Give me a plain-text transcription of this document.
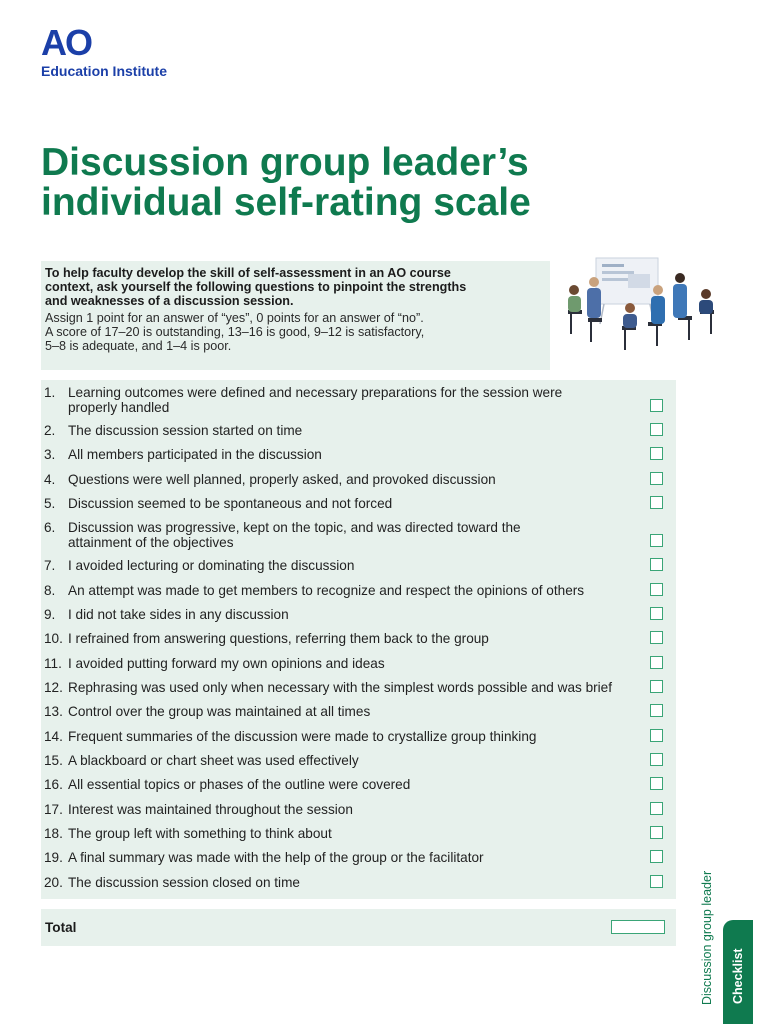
AO
Education Institute
Discussion group leader’s
individual self-rating scale

To help faculty develop the skill of self-assessment in an AO course
context, ask yourself the following questions to pinpoint the strengths
and weaknesses of a discussion session.

Assign 1 point for an answer of “yes”, 0 points for an answer of “no”.
A score of 17–20 is outstanding, 13–16 is good, 9–12 is satisfactory,
5–8 is adequate, and 1–4 is poor.

1. Learning outcomes were defined and necessary preparations for the session were
properly handled
2. The discussion session started on time
3. All members participated in the discussion
4. Questions were well planned, properly asked, and provoked discussion
5. Discussion seemed to be spontaneous and not forced
6. Discussion was progressive, kept on the topic, and was directed toward the
attainment of the objectives
7. I avoided lecturing or dominating the discussion
8. An attempt was made to get members to recognize and respect the opinions of others
9. I did not take sides in any discussion
10. I refrained from answering questions, referring them back to the group
11. I avoided putting forward my own opinions and ideas
12. Rephrasing was used only when necessary with the simplest words possible and was brief
13. Control over the group was maintained at all times
14. Frequent summaries of the discussion were made to crystallize group thinking
15. A blackboard or chart sheet was used effectively
16. All essential topics or phases of the outline were covered
17. Interest was maintained throughout the session
18. The group left with something to think about
19. A final summary was made with the help of the group or the facilitator
20. The discussion session closed on time
Total	Discussion group leader Checklist
